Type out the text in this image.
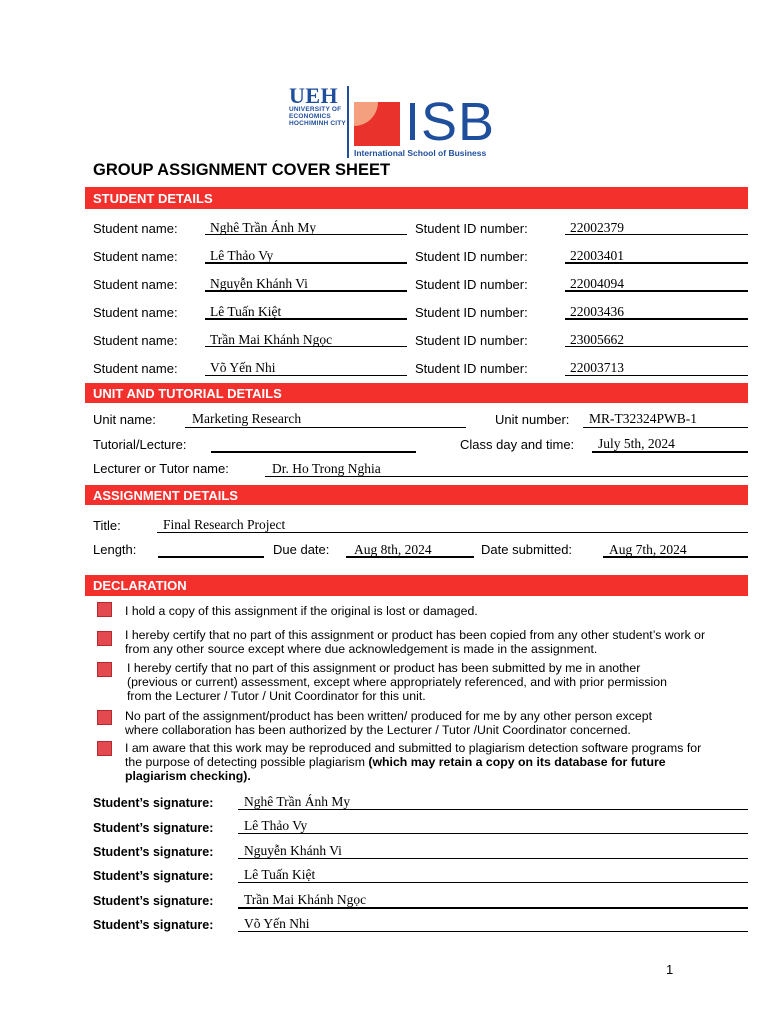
UEH
UNIVERSITY OF
ECONOMICS
HOCHIMINH CITY ISB
International School of Business
GROUP ASSIGNMENT COVER SHEET
STUDENT DETAILS
Student name: Nghê Trần Ánh My	Student ID number:	22002379
Student name: Lê Thảo Vy	Student ID number:	22003401
Student name: Nguyễn Khánh Vi	Student ID number:	22004094
Student name: Lê Tuấn Kiệt	Student ID number:	22003436
Student name: Trần Mai Khánh Ngọc	Student ID number:	23005662
Student name: Võ Yến Nhi	Student ID number:	22003713
UNIT AND TUTORIAL DETAILS
Unit name:	Marketing Research	Unit number: MR-T32324PWB-1
Tutorial/Lecture:	Class day and time: July 5th, 2024
Lecturer or Tutor name:	Dr. Ho Trong Nghia
ASSIGNMENT DETAILS
Title:	Final Research Project
Length:	Due date: Aug 8th, 2024	Date submitted:	Aug 7th, 2024
DECLARATION
I hold a copy of this assignment if the original is lost or damaged.
I hereby certify that no part of this assignment or product has been copied from any other student’s work or
from any other source except where due acknowledgement is made in the assignment.
I hereby certify that no part of this assignment or product has been submitted by me in another
(previous or current) assessment, except where appropriately referenced, and with prior permission
from the Lecturer / Tutor / Unit Coordinator for this unit.
No part of the assignment/product has been written/ produced for me by any other person except
where collaboration has been authorized by the Lecturer / Tutor /Unit Coordinator concerned.
I am aware that this work may be reproduced and submitted to plagiarism detection software programs for
the purpose of detecting possible plagiarism (which may retain a copy on its database for future
plagiarism checking).
Student’s signature: Nghê Trần Ánh My
Student’s signature: Lê Thảo Vy
Student’s signature: Nguyễn Khánh Vi
Student’s signature: Lê Tuấn Kiệt
Student’s signature: Trần Mai Khánh Ngọc
Student’s signature: Võ Yến Nhi
1
